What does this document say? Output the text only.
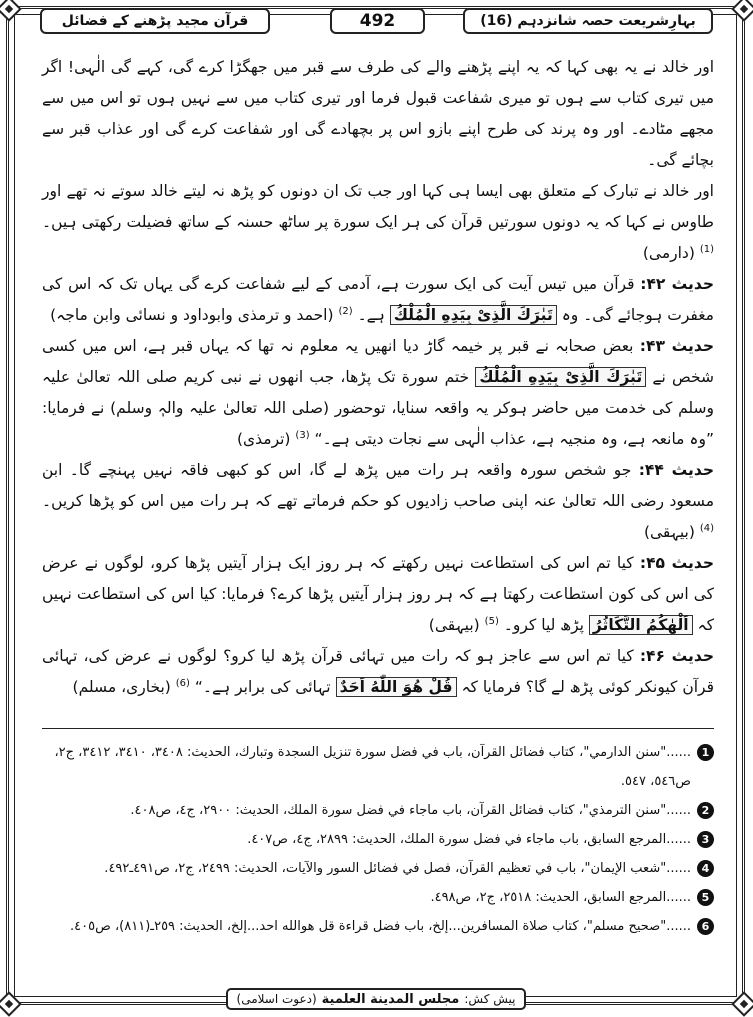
بہارِشریعت حصہ شانزدہم (16)
492
قرآن مجید پڑھنے کے فضائل

اور خالد نے یہ بھی کہا کہ یہ اپنے پڑھنے والے کی طرف سے قبر میں جھگڑا کرے گی، کہے گی الٰہی! اگر میں تیری کتاب سے ہوں تو میری شفاعت قبول فرما اور تیری کتاب میں سے نہیں ہوں تو اس میں سے مجھے مٹادے۔ اور وہ پرند کی طرح اپنے بازو اس پر بچھادے گی اور شفاعت کرے گی اور عذاب قبر سے بچائے گی۔

اور خالد نے تبارک کے متعلق بھی ایسا ہی کہا اور جب تک ان دونوں کو پڑھ نہ لیتے خالد سوتے نہ تھے اور طاوس نے کہا کہ یہ دونوں سورتیں قرآن کی ہر ایک سورة پر ساٹھ حسنہ کے ساتھ فضیلت رکھتی ہیں۔ $^{(1)}$ (دارمی)

حدیث ۴۲: قرآن میں تیس آیت کی ایک سورت ہے، آدمی کے لیے شفاعت کرے گی یہاں تک کہ اس کی مغفرت ہوجائے گی۔ وہ تَبٰرَكَ الَّذِیْ بِیَدِهِ الْمُلْكُ ہے۔ $^{(2)}$ (احمد و ترمذی وابوداود و نسائی وابن ماجہ)

حدیث ۴۳: بعض صحابہ نے قبر پر خیمہ گاڑ دیا انھیں یہ معلوم نہ تھا کہ یہاں قبر ہے، اس میں کسی شخص نے تَبٰرَكَ الَّذِیْ بِیَدِهِ الْمُلْكُ ختم سورة تک پڑھا، جب انھوں نے نبی کریم صلی اللہ تعالیٰ علیہ وسلم کی خدمت میں حاضر ہوکر یہ واقعہ سنایا، توحضور (صلی اللہ تعالیٰ علیہ والہٖ وسلم) نے فرمایا: ”وہ مانعہ ہے، وہ منجیہ ہے، عذاب الٰہی سے نجات دیتی ہے۔“ $^{(3)}$ (ترمذی)

حدیث ۴۴: جو شخص سورہ واقعہ ہر رات میں پڑھ لے گا، اس کو کبھی فاقہ نہیں پہنچے گا۔ ابن مسعود رضی اللہ تعالیٰ عنہ اپنی صاحب زادیوں کو حکم فرماتے تھے کہ ہر رات میں اس کو پڑھا کریں۔ $^{(4)}$ (بیہقی)

حدیث ۴۵: کیا تم اس کی استطاعت نہیں رکھتے کہ ہر روز ایک ہزار آیتیں پڑھا کرو، لوگوں نے عرض کی اس کی کون استطاعت رکھتا ہے کہ ہر روز ہزار آیتیں پڑھا کرے؟ فرمایا: کیا اس کی استطاعت نہیں کہ اَلْهٰكُمُ التَّكَاثُرُ پڑھ لیا کرو۔ $^{(5)}$ (بیہقی)

حدیث ۴۶: کیا تم اس سے عاجز ہو کہ رات میں تہائی قرآن پڑھ لیا کرو؟ لوگوں نے عرض کی، تہائی قرآن کیونکر کوئی پڑھ لے گا؟ فرمایا کہ قُلْ هُوَ اللّٰهُ اَحَدٌ تہائی کی برابر ہے۔“ $^{(6)}$ (بخاری، مسلم)

1
......"سنن الدارمي"، كتاب فضائل القرآن، باب في فضل سورة تنزيل السجدة وتبارك، الحديث: ٣٤٠٨، ٣٤١٠، ٣٤١٢، ج٢، ص٥٤٦، ٥٤٧.
2
......"سنن الترمذي"، كتاب فضائل القرآن، باب ماجاء في فضل سورة الملك، الحديث: ٢٩٠٠، ج٤، ص٤٠٨.
3
......المرجع السابق، باب ماجاء في فضل سورة الملك، الحديث: ٢٨٩٩، ج٤، ص٤٠٧.
4
......"شعب الإيمان"، باب في تعظيم القرآن، فصل في فضائل السور والآيات، الحديث: ٢٤٩٩، ج٢، ص٤٩١ـ٤٩٢.
5
......المرجع السابق، الحديث: ٢٥١٨، ج٢، ص٤٩٨.
6
......"صحيح مسلم"، كتاب صلاة المسافرين...إلخ، باب فضل قراءة قل هوالله احد...إلخ، الحديث: ٢٥٩ـ(٨١١)، ص٤٠٥.
پیش کش:
مجلس المدینة العلمیة
(دعوت اسلامی)
